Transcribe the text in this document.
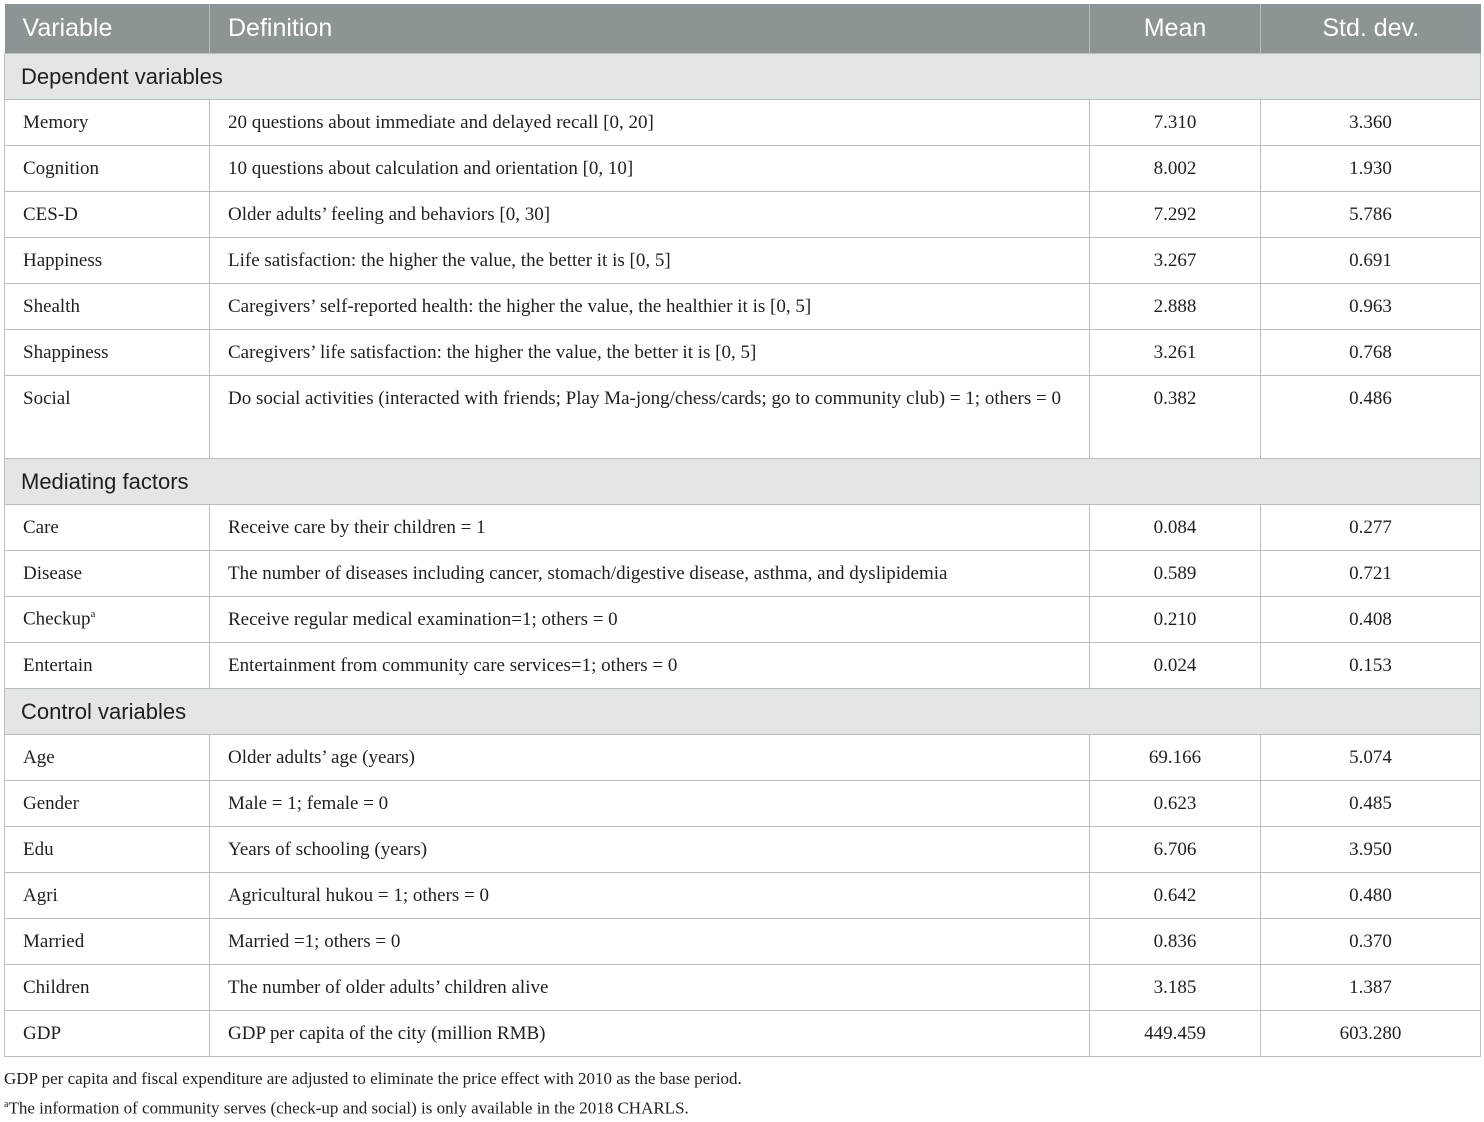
Variable	Definition	Mean	Std. dev.
Dependent variables			
Memory	20 questions about immediate and delayed recall [0, 20]	7.310	3.360
Cognition	10 questions about calculation and orientation [0, 10]	8.002	1.930
CES-D	Older adults’ feeling and behaviors [0, 30]	7.292	5.786
Happiness	Life satisfaction: the higher the value, the better it is [0, 5]	3.267	0.691
Shealth	Caregivers’ self-reported health: the higher the value, the healthier it is [0, 5]	2.888	0.963
Shappiness	Caregivers’ life satisfaction: the higher the value, the better it is [0, 5]	3.261	0.768
Social	Do social activities (interacted with friends; Play Ma-jong/chess/cards; go to community club) = 1; others = 0	0.382	0.486
Mediating factors			
Care	Receive care by their children = 1	0.084	0.277
Disease	The number of diseases including cancer, stomach/digestive disease, asthma, and dyslipidemia	0.589	0.721
Checkup$^a$	Receive regular medical examination=1; others = 0	0.210	0.408
Entertain	Entertainment from community care services=1; others = 0	0.024	0.153
Control variables			
Age	Older adults’ age (years)	69.166	5.074
Gender	Male = 1; female = 0	0.623	0.485
Edu	Years of schooling (years)	6.706	3.950
Agri	Agricultural hukou = 1; others = 0	0.642	0.480
Married	Married =1; others = 0	0.836	0.370
Children	The number of older adults’ children alive	3.185	1.387
GDP	GDP per capita of the city (million RMB)	449.459	603.280
GDP per capita and fiscal expenditure are adjusted to eliminate the price effect with 2010 as the base period.
$^a$The information of community serves (check-up and social) is only available in the 2018 CHARLS.
